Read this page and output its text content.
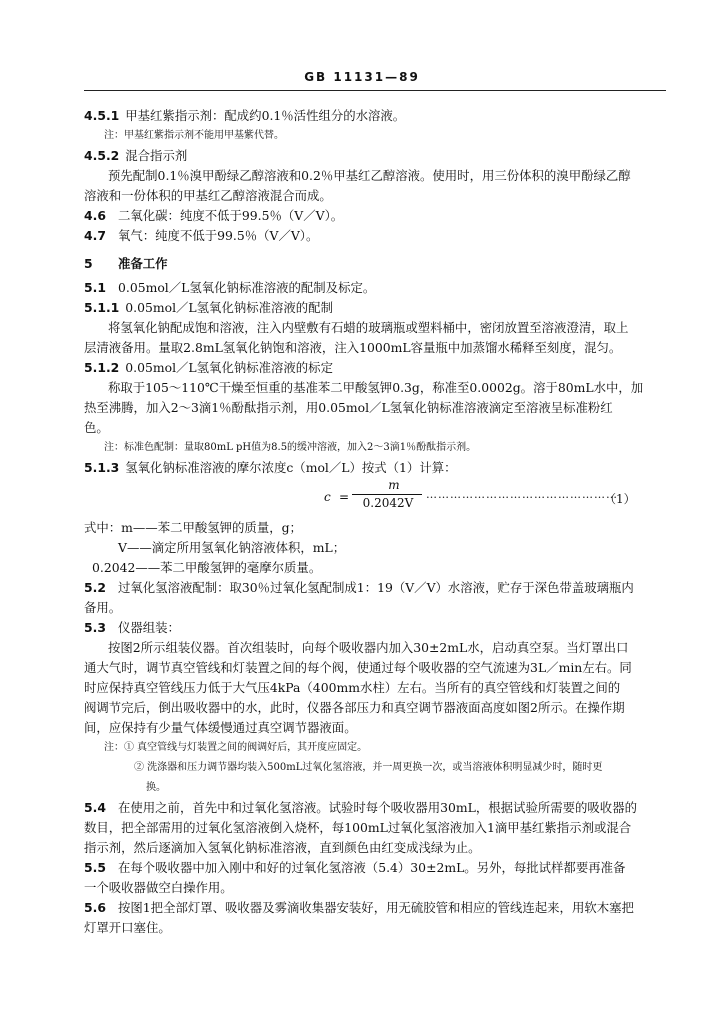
GB 11131—89
4.5.1 甲基红紫指示剂：配成约0.1％活性组分的水溶液。
注：甲基红紫指示剂不能用甲基紫代替。
4.5.2 混合指示剂
预先配制0.1％溴甲酚绿乙醇溶液和0.2％甲基红乙醇溶液。使用时，用三份体积的溴甲酚绿乙醇
溶液和一份体积的甲基红乙醇溶液混合而成。
4.6 二氧化碳：纯度不低于99.5％（V／V）。
4.7 氧气：纯度不低于99.5％（V／V）。
5 准备工作
5.1 0.05mol／L氢氧化钠标准溶液的配制及标定。
5.1.1 0.05mol／L氢氧化钠标准溶液的配制
将氢氧化钠配成饱和溶液，注入内壁敷有石蜡的玻璃瓶或塑料桶中，密闭放置至溶液澄清，取上
层清液备用。量取2.8mL氢氧化钠饱和溶液，注入1000mL容量瓶中加蒸馏水稀释至刻度，混匀。
5.1.2 0.05mol／L氢氧化钠标准溶液的标定
称取于105～110℃干燥至恒重的基准苯二甲酸氢钾0.3g，称准至0.0002g。溶于80mL水中，加
热至沸腾，加入2～3滴1％酚酞指示剂，用0.05mol／L氢氧化钠标准溶液滴定至溶液呈标准粉红
色。
注：标准色配制：量取80mL pH值为8.5的缓冲溶液，加入2～3滴1％酚酞指示剂。
5.1.3 氢氧化钠标准溶液的摩尔浓度c（mol／L）按式（1）计算：
c =
m
0.2042V
…………………………………………
（1）
式中：m——苯二甲酸氢钾的质量，g；
V——滴定所用氢氧化钠溶液体积，mL；
0.2042——苯二甲酸氢钾的毫摩尔质量。
5.2 过氧化氢溶液配制：取30％过氧化氢配制成1：19（V／V）水溶液，贮存于深色带盖玻璃瓶内
备用。
5.3 仪器组装：
按图2所示组装仪器。首次组装时，向每个吸收器内加入30±2mL水，启动真空泵。当灯罩出口
通大气时，调节真空管线和灯装置之间的每个阀，使通过每个吸收器的空气流速为3L／min左右。同
时应保持真空管线压力低于大气压4kPa（400mm水柱）左右。当所有的真空管线和灯装置之间的
阀调节完后，倒出吸收器中的水，此时，仪器各部压力和真空调节器液面高度如图2所示。在操作期
间，应保持有少量气体缓慢通过真空调节器液面。
注：① 真空管线与灯装置之间的阀调好后，其开度应固定。
② 洗涤器和压力调节器均装入500mL过氧化氢溶液，并一周更换一次，或当溶液体积明显减少时，随时更
换。
5.4 在使用之前，首先中和过氧化氢溶液。试验时每个吸收器用30mL，根据试验所需要的吸收器的
数目，把全部需用的过氧化氢溶液倒入烧杯，每100mL过氧化氢溶液加入1滴甲基红紫指示剂或混合
指示剂，然后逐滴加入氢氧化钠标准溶液，直到颜色由红变成浅绿为止。
5.5 在每个吸收器中加入刚中和好的过氧化氢溶液（5.4）30±2mL。另外，每批试样都要再准备
一个吸收器做空白操作用。
5.6 按图1把全部灯罩、吸收器及雾滴收集器安装好，用无硫胶管和相应的管线连起来，用软木塞把
灯罩开口塞住。
